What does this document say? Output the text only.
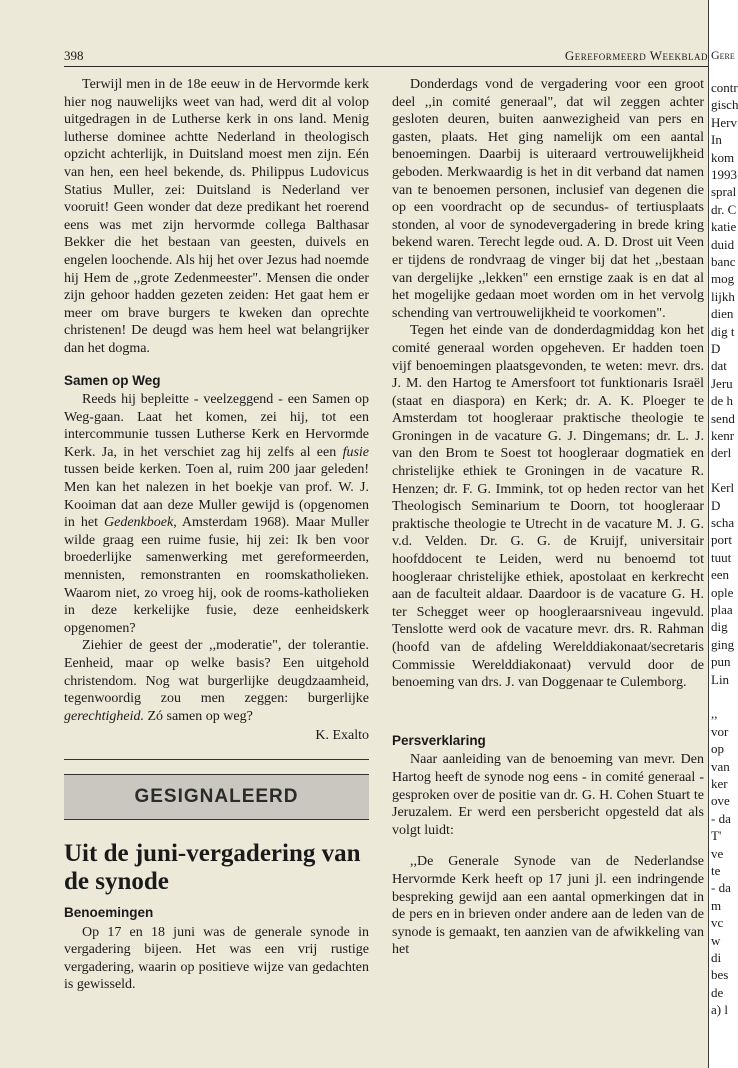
398	Gereformeerd Weekblad

Terwijl men in de 18e eeuw in de Hervormde kerk hier nog nauwelijks weet van had, werd dit al volop uitgedragen in de Lutherse kerk in ons land. Menig lutherse dominee achtte Nederland in theologisch opzicht achterlijk, in Duitsland moest men zijn. Eén van hen, een heel bekende, ds. Philippus Ludovicus Statius Muller, zei: Duitsland is Nederland ver vooruit! Geen wonder dat deze predikant het roerend eens was met zijn hervormde collega Balthasar Bekker die het bestaan van geesten, duivels en engelen loochende. Als hij het over Jezus had noemde hij Hem de ,,grote Zedenmeester". Mensen die onder zijn gehoor hadden gezeten zeiden: Het gaat hem er meer om brave burgers te kweken dan oprechte christenen! De deugd was hem heel wat belangrijker dan het dogma.

Samen op Weg

Reeds hij bepleitte - veelzeggend - een Samen op Weg-gaan. Laat het komen, zei hij, tot een intercommunie tussen Lutherse Kerk en Hervormde Kerk. Ja, in het verschiet zag hij zelfs al een fusie tussen beide kerken. Toen al, ruim 200 jaar geleden! Men kan het nalezen in het boekje van prof. W. J. Kooiman dat aan deze Muller gewijd is (opgenomen in het Gedenkboek, Amsterdam 1968). Maar Muller wilde graag een ruime fusie, hij zei: Ik ben voor broederlijke samenwerking met gereformeerden, mennisten, remonstranten en roomskatholieken. Waarom niet, zo vroeg hij, ook de rooms-katholieken in deze kerkelijke fusie, deze eenheidskerk opgenomen?

Ziehier de geest der ,,moderatie", der tolerantie. Eenheid, maar op welke basis? Een uitgehold christendom. Nog wat burgerlijke deugdzaamheid, tegenwoordig zou men zeggen: burgerlijke gerechtigheid. Zó samen op weg?

K. Exalto
GESIGNALEERD
Uit de juni-vergadering van de synode
Benoemingen

Op 17 en 18 juni was de generale synode in vergadering bijeen. Het was een vrij rustige vergadering, waarin op positieve wijze van gedachten is gewisseld.

Donderdags vond de vergadering voor een groot deel ,,in comité generaal", dat wil zeggen achter gesloten deuren, buiten aanwezigheid van pers en gasten, plaats. Het ging namelijk om een aantal benoemingen. Daarbij is uiteraard vertrouwelijkheid geboden. Merkwaardig is het in dit verband dat namen van te benoemen personen, inclusief van degenen die op een voordracht op de secundus- of tertiusplaats stonden, al voor de synodevergadering in brede kring bekend waren. Terecht legde oud. A. D. Drost uit Veen er tijdens de rondvraag de vinger bij dat het ,,bestaan van dergelijke ,,lekken" een ernstige zaak is en dat al het mogelijke gedaan moet worden om in het vervolg schending van vertrouwelijkheid te voorkomen".

Tegen het einde van de donderdagmiddag kon het comité generaal worden opgeheven. Er hadden toen vijf benoemingen plaatsgevonden, te weten: mevr. drs. J. M. den Hartog te Amersfoort tot funktionaris Israël (staat en diaspora) en Kerk; dr. A. K. Ploeger te Amsterdam tot hoogleraar praktische theologie te Groningen in de vacature G. J. Dingemans; dr. L. J. van den Brom te Soest tot hoogleraar dogmatiek en christelijke ethiek te Groningen in de vacature R. Henzen; dr. F. G. Immink, tot op heden rector van het Theologisch Seminarium te Doorn, tot hoogleraar praktische theologie te Utrecht in de vacature M. J. G. v.d. Velden. Dr. G. G. de Kruijf, universitair hoofddocent te Leiden, werd nu benoemd tot hoogleraar christelijke ethiek, apostolaat en kerkrecht aan de faculteit aldaar. Daardoor is de vacature G. H. ter Schegget weer op hoogleraarsniveau ingevuld. Tenslotte werd ook de vacature mevr. drs. R. Rahman (hoofd van de afdeling Werelddiakonaat/secretaris Commissie Werelddiakonaat) vervuld door de benoeming van drs. J. van Doggenaar te Culemborg.

Persverklaring

Naar aanleiding van de benoeming van mevr. Den Hartog heeft de synode nog eens - in comité generaal - gesproken over de positie van dr. G. H. Cohen Stuart te Jeruzalem. Er werd een persbericht opgesteld dat als volgt luidt:

,,De Generale Synode van de Nederlandse Hervormde Kerk heeft op 17 juni jl. een indringende bespreking gewijd aan een aantal opmerkingen dat in de pers en in brieven onder andere aan de leden van de synode is gemaakt, ten aanzien van de afwikkeling van het

Gere
contr
gisch
Herv
In
kom
1993
spral
dr. C
katie
duid
banc
mog
lijkh
dien
dig t
D
dat
Jeru
de h
send
kenr
derl
Kerl
D
scha
port
tuut
een
ople
plaa
dig
ging
pun
Lin
,,
vor
op
van
ker
ove
- da
T'
ve
te
- da
m
vc
w
di
bes
de
a) l
